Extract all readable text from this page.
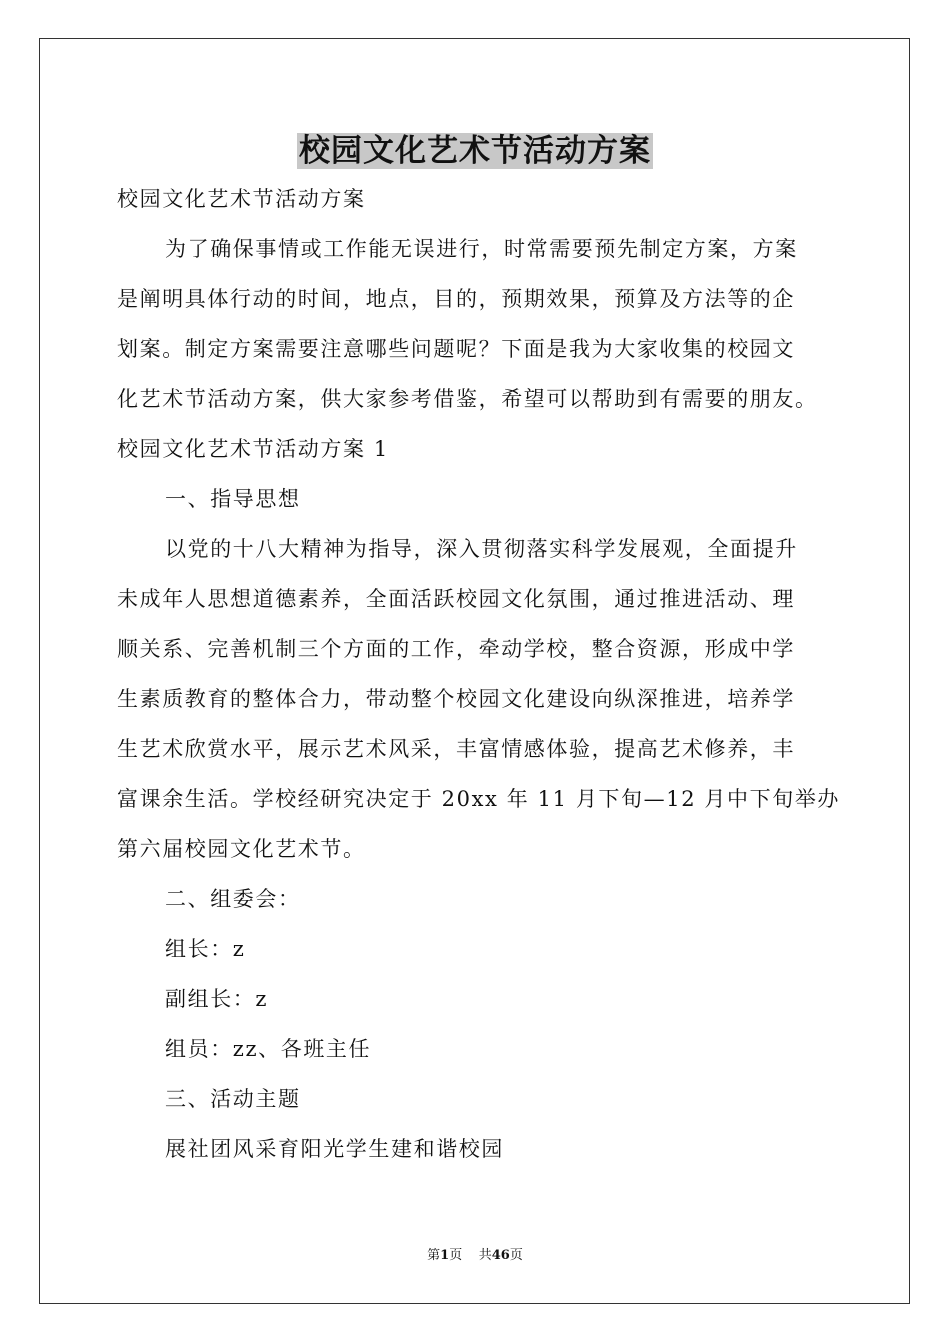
校园文化艺术节活动方案
校园文化艺术节活动方案
为了确保事情或工作能无误进行，时常需要预先制定方案，方案
是阐明具体行动的时间，地点，目的，预期效果，预算及方法等的企
划案。制定方案需要注意哪些问题呢？下面是我为大家收集的校园文
化艺术节活动方案，供大家参考借鉴，希望可以帮助到有需要的朋友。
校园文化艺术节活动方案 1
一、指导思想
以党的十八大精神为指导，深入贯彻落实科学发展观，全面提升
未成年人思想道德素养，全面活跃校园文化氛围，通过推进活动、理
顺关系、完善机制三个方面的工作，牵动学校，整合资源，形成中学
生素质教育的整体合力，带动整个校园文化建设向纵深推进，培养学
生艺术欣赏水平，展示艺术风采，丰富情感体验，提高艺术修养，丰
富课余生活。学校经研究决定于 20xx 年 11 月下旬—12 月中下旬举办
第六届校园文化艺术节。
二、组委会：
组长：z
副组长：z
组员：zz、各班主任
三、活动主题
展社团风采育阳光学生建和谐校园
第1页 共46页
